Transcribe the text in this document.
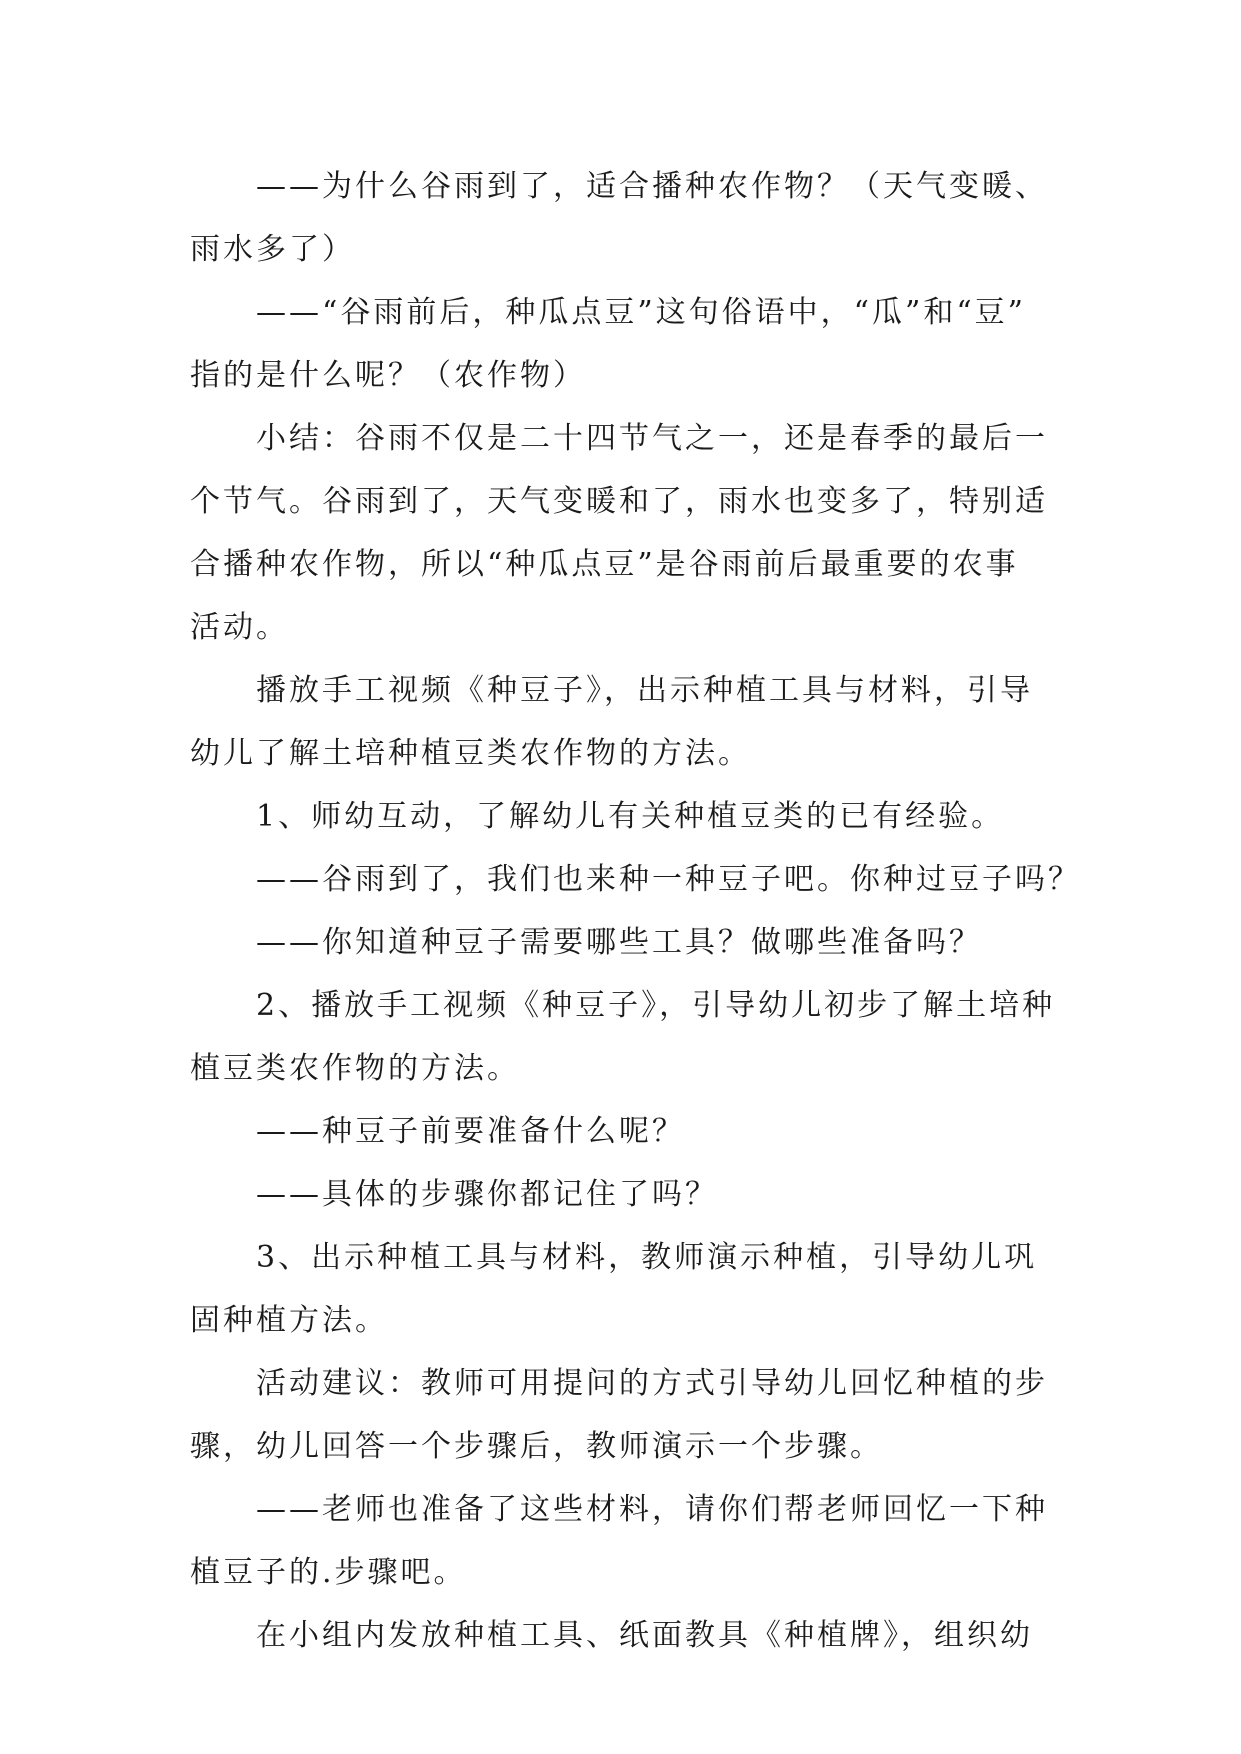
——为什么谷雨到了，适合播种农作物？（天气变暖、
雨水多了）
——“谷雨前后，种瓜点豆”这句俗语中，“瓜”和“豆”
指的是什么呢？（农作物）
小结：谷雨不仅是二十四节气之一，还是春季的最后一
个节气。谷雨到了，天气变暖和了，雨水也变多了，特别适
合播种农作物，所以“种瓜点豆”是谷雨前后最重要的农事
活动。
播放手工视频《种豆子》，出示种植工具与材料，引导
幼儿了解土培种植豆类农作物的方法。
1、师幼互动，了解幼儿有关种植豆类的已有经验。
——谷雨到了，我们也来种一种豆子吧。你种过豆子吗？
——你知道种豆子需要哪些工具？做哪些准备吗？
2、播放手工视频《种豆子》，引导幼儿初步了解土培种
植豆类农作物的方法。
——种豆子前要准备什么呢？
——具体的步骤你都记住了吗？
3、出示种植工具与材料，教师演示种植，引导幼儿巩
固种植方法。
活动建议：教师可用提问的方式引导幼儿回忆种植的步
骤，幼儿回答一个步骤后，教师演示一个步骤。
——老师也准备了这些材料，请你们帮老师回忆一下种
植豆子的.步骤吧。
在小组内发放种植工具、纸面教具《种植牌》，组织幼
